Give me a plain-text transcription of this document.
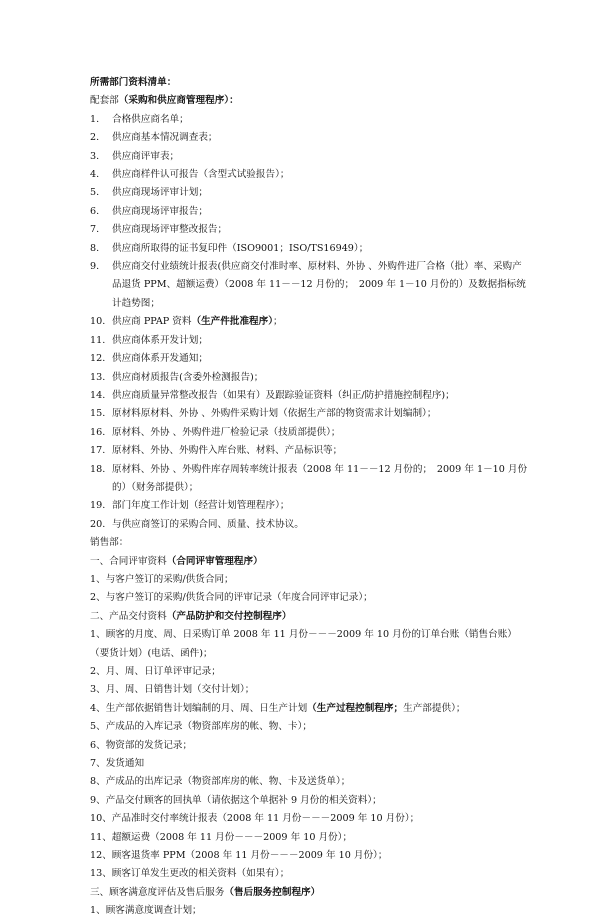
所需部门资料清单：
配套部（采购和供应商管理程序）：
1.	合格供应商名单；
2.	供应商基本情况调查表；
3.	供应商评审表；
4.	供应商样件认可报告（含型式试验报告）；
5.	供应商现场评审计划；
6.	供应商现场评审报告；
7.	供应商现场评审整改报告；
8.	供应商所取得的证书复印件（ISO9001；ISO/TS16949）；
9.	供应商交付业绩统计报表(供应商交付准时率、原材料、外协 、外购件进厂合格（批）率、采购产品退货 PPM、超额运费）（2008 年 11－－12 月份的；　2009 年 1－10 月份的）及数据指标统计趋势图；
10. 供应商 PPAP 资料（生产件批准程序）；
11. 供应商体系开发计划；
12. 供应商体系开发通知；
13. 供应商材质报告(含委外检测报告)；
14. 供应商质量异常整改报告（如果有）及跟踪验证资料（纠正/防护措施控制程序)；
15. 原材料原材料、外协 、外购件采购计划（依据生产部的物资需求计划编制）；
16. 原材料、外协 、外购件进厂检验记录（技质部提供）；
17. 原材料、外协、外购件入库台账、材料、产品标识等；
18. 原材料、外协 、外购件库存周转率统计报表（2008 年 11－－12 月份的；　2009 年 1－10 月份的）（财务部提供）；
19. 部门年度工作计划（经营计划管理程序）；
20. 与供应商签订的采购合同、质量、技术协议。
销售部：
一、合同评审资料（合同评审管理程序）
1、与客户签订的采购/供货合同；
2、与客户签订的采购/供货合同的评审记录（年度合同评审记录）；
二、产品交付资料（产品防护和交付控制程序）
1、顾客的月度、周、日采购订单 2008 年 11 月份－－－2009 年 10 月份的订单台账（销售台账）（要货计划）(电话、函件)；
2、月、周、日订单评审记录；
3、月、周、日销售计划（交付计划）；
4、生产部依据销售计划编制的月、周、日生产计划（生产过程控制程序；生产部提供）；
5、产成品的入库记录（物资部库房的帐、物、卡）；
6、物资部的发货记录；
7、发货通知
8、产成品的出库记录（物资部库房的帐、物、卡及送货单）；
9、产品交付顾客的回执单（请依据这个单据补 9 月份的相关资料）；
10、产品准时交付率统计报表（2008 年 11 月份－－－2009 年 10 月份）；
11、超额运费（2008 年 11 月份－－－2009 年 10 月份）；
12、顾客退货率 PPM（2008 年 11 月份－－－2009 年 10 月份）；
13、顾客订单发生更改的相关资料（如果有）；
三、顾客满意度评估及售后服务（售后服务控制程序）
1、顾客满意度调查计划；
